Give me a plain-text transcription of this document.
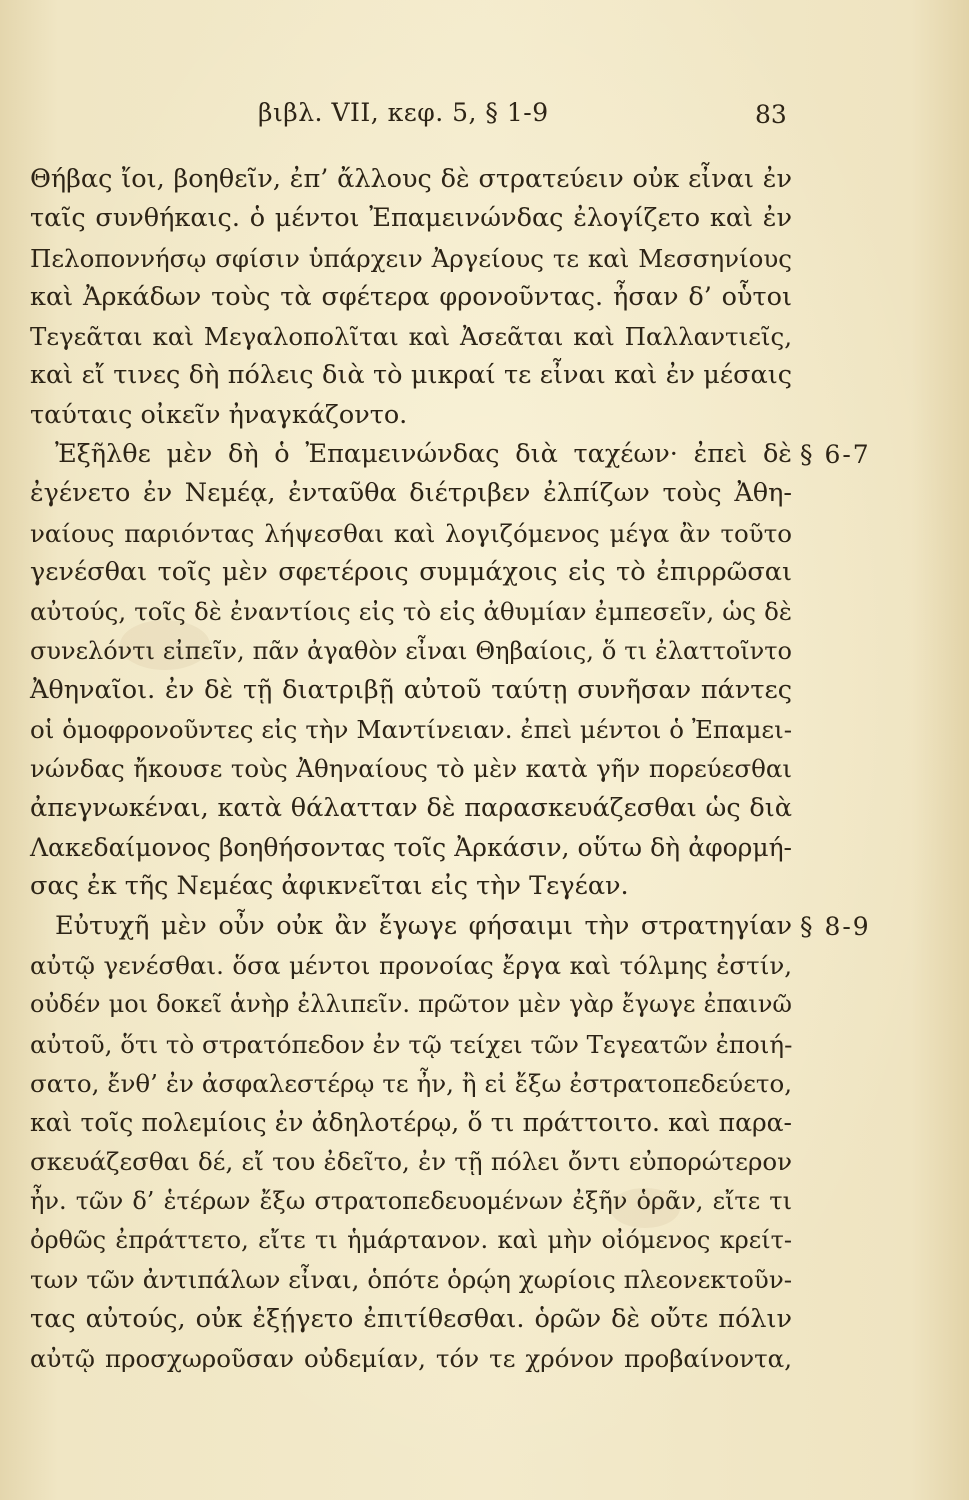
βιβλ. VII, κεφ. 5, § 1-9	83
Θήβας ἴοι, βοηθεῖν, ἐπ’ ἄλλους δὲ στρατεύειν οὐκ εἶναι ἐν
ταῖς συνθήκαις. ὁ μέντοι Ἐπαμεινώνδας ἐλογίζετο καὶ ἐν
Πελοποννήσῳ σφίσιν ὑπάρχειν Ἀργείους τε καὶ Μεσσηνίους
καὶ Ἀρκάδων τοὺς τὰ σφέτερα φρονοῦντας. ἦσαν δ’ οὗτοι
Τεγεᾶται καὶ Μεγαλοπολῖται καὶ Ἀσεᾶται καὶ Παλλαντιεῖς,
καὶ εἴ τινες δὴ πόλεις διὰ τὸ μικραί τε εἶναι καὶ ἐν μέσαις
ταύταις οἰκεῖν ἠναγκάζοντο.
Ἐξῆλθε μὲν δὴ ὁ Ἐπαμεινώνδας διὰ ταχέων· ἐπεὶ δὲ
ἐγένετο ἐν Νεμέᾳ, ἐνταῦθα διέτριβεν ἐλπίζων τοὺς Ἀθη-
ναίους παριόντας λήψεσθαι καὶ λογιζόμενος μέγα ἂν τοῦτο
γενέσθαι τοῖς μὲν σφετέροις συμμάχοις εἰς τὸ ἐπιρρῶσαι
αὐτούς, τοῖς δὲ ἐναντίοις εἰς τὸ εἰς ἀθυμίαν ἐμπεσεῖν, ὡς δὲ
συνελόντι εἰπεῖν, πᾶν ἀγαθὸν εἶναι Θηβαίοις, ὅ τι ἐλαττοῖντο
Ἀθηναῖοι. ἐν δὲ τῇ διατριβῇ αὐτοῦ ταύτῃ συνῆσαν πάντες
οἱ ὁμοφρονοῦντες εἰς τὴν Μαντίνειαν. ἐπεὶ μέντοι ὁ Ἐπαμει-
νώνδας ἤκουσε τοὺς Ἀθηναίους τὸ μὲν κατὰ γῆν πορεύεσθαι
ἀπεγνωκέναι, κατὰ θάλατταν δὲ παρασκευάζεσθαι ὡς διὰ
Λακεδαίμονος βοηθήσοντας τοῖς Ἀρκάσιν, οὕτω δὴ ἀφορμή-
σας ἐκ τῆς Νεμέας ἀφικνεῖται εἰς τὴν Τεγέαν.
Εὐτυχῆ μὲν οὖν οὐκ ἂν ἔγωγε φήσαιμι τὴν στρατηγίαν
αὐτῷ γενέσθαι. ὅσα μέντοι προνοίας ἔργα καὶ τόλμης ἐστίν,
οὐδέν μοι δοκεῖ ἁνὴρ ἐλλιπεῖν. πρῶτον μὲν γὰρ ἔγωγε ἐπαινῶ
αὐτοῦ, ὅτι τὸ στρατόπεδον ἐν τῷ τείχει τῶν Τεγεατῶν ἐποιή-
σατο, ἔνθ’ ἐν ἀσφαλεστέρῳ τε ἦν, ἢ εἰ ἔξω ἐστρατοπεδεύετο,
καὶ τοῖς πολεμίοις ἐν ἀδηλοτέρῳ, ὅ τι πράττοιτο. καὶ παρα-
σκευάζεσθαι δέ, εἴ του ἐδεῖτο, ἐν τῇ πόλει ὄντι εὐπορώτερον
ἦν. τῶν δ’ ἑτέρων ἔξω στρατοπεδευομένων ἐξῆν ὁρᾶν, εἴτε τι
ὀρθῶς ἐπράττετο, εἴτε τι ἡμάρτανον. καὶ μὴν οἰόμενος κρείτ-
των τῶν ἀντιπάλων εἶναι, ὁπότε ὁρῴη χωρίοις πλεονεκτοῦν-
τας αὐτούς, οὐκ ἐξῄγετο ἐπιτίθεσθαι. ὁρῶν δὲ οὔτε πόλιν
αὐτῷ προσχωροῦσαν οὐδεμίαν, τόν τε χρόνον προβαίνοντα,
§ 6-7
§ 8-9
